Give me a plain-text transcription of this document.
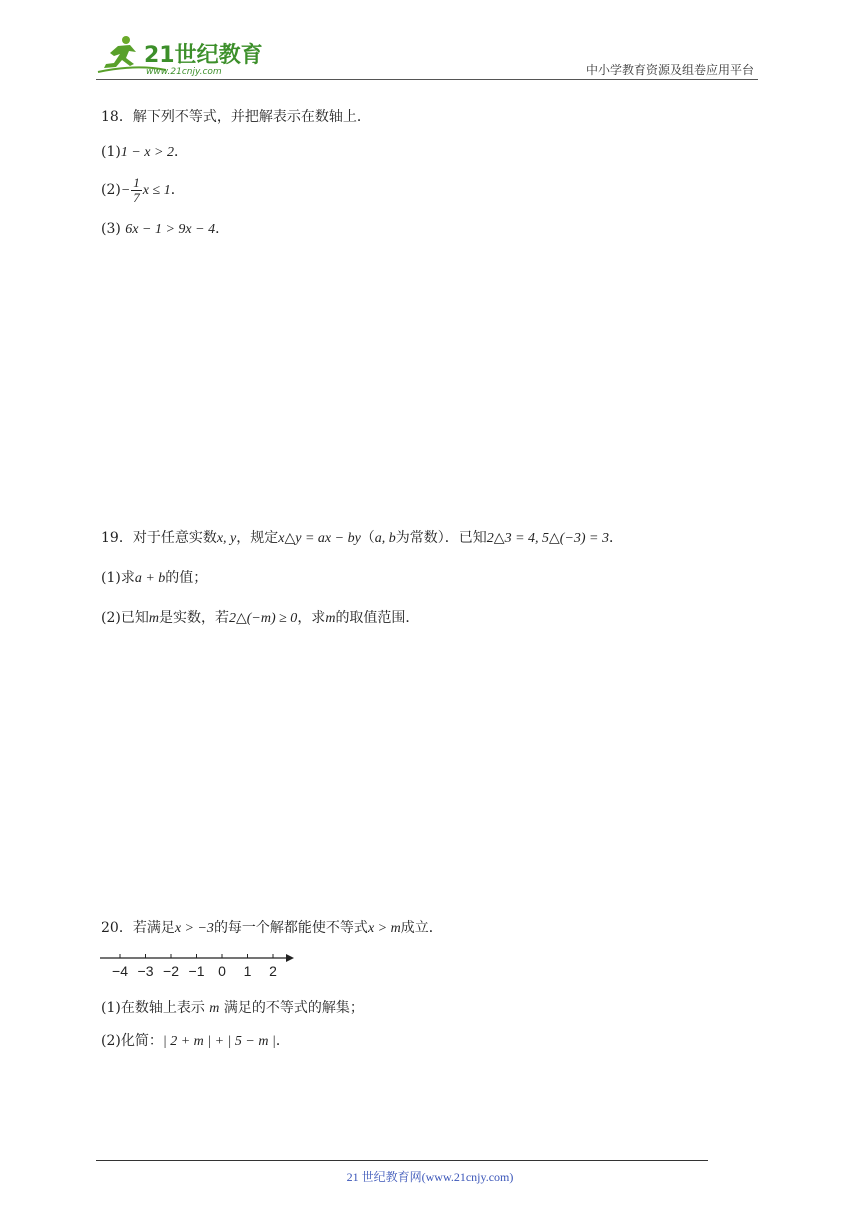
21世纪教育
www.21cnjy.com	中小学教育资源及组卷应用平台
18．解下列不等式，并把解表示在数轴上．
(1)1 − x > 2．
$(2)- \frac{1}{7}$ x ≤ 1．
(3) 6x − 1 > 9x − 4．
19．对于任意实数x, y，规定x△y = ax − by（a, b为常数）．已知2△3 = 4, 5△(−3) = 3．
(1)求a + b的值；
(2)已知m是实数，若2△(−m) ≥ 0，求m的取值范围．
20．若满足x > −3的每一个解都能使不等式x > m成立．
−4 −3 −2 −1 0 1 2
(1)在数轴上表示 m 满足的不等式的解集；
(2)化简：| 2 + m | + | 5 − m |．
21 世纪教育网(www.21cnjy.com)
